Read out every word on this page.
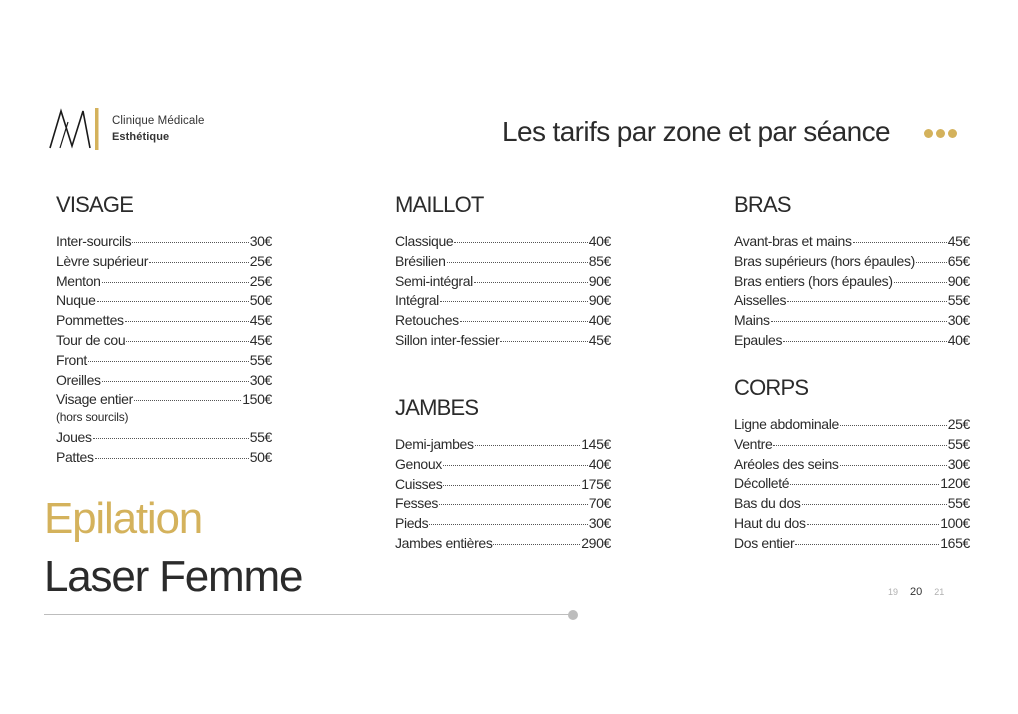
Clinique Médicale
Esthétique	Les tarifs par zone et par séance
VISAGE
Inter-sourcils	30€
Lèvre supérieur	25€
Menton	25€
Nuque	50€
Pommettes	45€
Tour de cou	45€
Front	55€
Oreilles	30€
Visage entier	150€
(hors sourcils)
Joues	55€
Pattes	50€
MAILLOT
Classique	40€
Brésilien	85€
Semi-intégral	90€
Intégral	90€
Retouches	40€
Sillon inter-fessier	45€
JAMBES
Demi-jambes	145€
Genoux	40€
Cuisses	175€
Fesses	70€
Pieds	30€
Jambes entières	290€
BRAS
Avant-bras et mains	45€
Bras supérieurs (hors épaules) 65€
Bras entiers (hors épaules)	90€
Aisselles	55€
Mains	30€
Epaules	40€
CORPS
Ligne abdominale	25€
Ventre	55€
Aréoles des seins	30€
Décolleté	120€
Bas du dos	55€
Haut du dos	100€
Dos entier	165€
Epilation
Laser Femme	19 20 21
